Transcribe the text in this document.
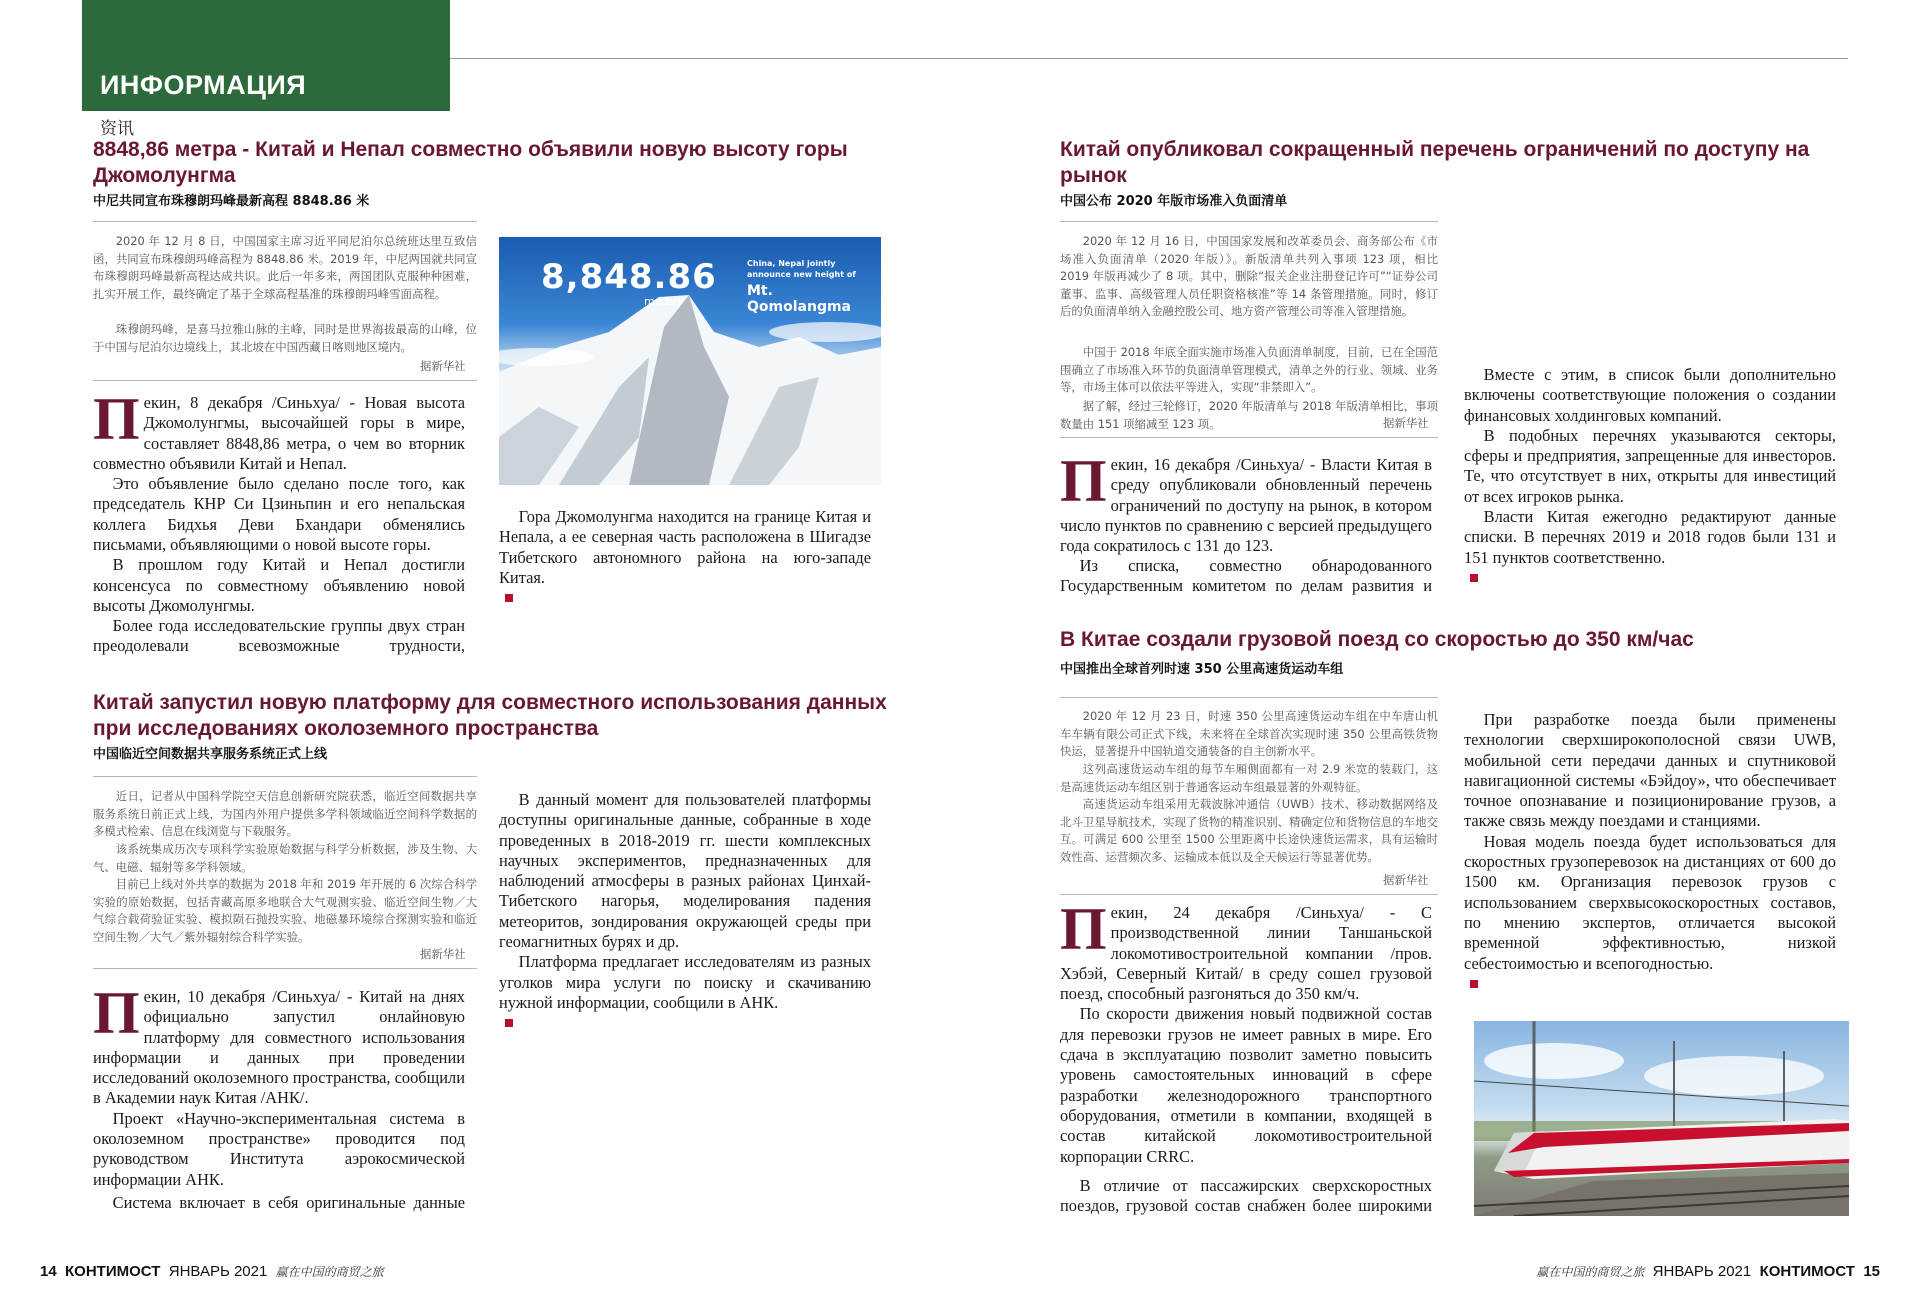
ИНФОРМАЦИЯ
资讯
8848,86 метра - Китай и Непал совместно объявили новую высоту горы Джомолунгма
中尼共同宣布珠穆朗玛峰最新高程 8848.86 米
2020 年 12 月 8 日，中国国家主席习近平同尼泊尔总统班达里互致信函，共同宣布珠穆朗玛峰高程为 8848.86 米。2019 年，中尼两国就共同宣布珠穆朗玛峰最新高程达成共识。此后一年多来，两国团队克服种种困难，扎实开展工作，最终确定了基于全球高程基准的珠穆朗玛峰雪面高程。
珠穆朗玛峰，是喜马拉雅山脉的主峰，同时是世界海拔最高的山峰，位于中国与尼泊尔边境线上，其北坡在中国西藏日喀则地区境内。
据新华社

Пекин, 8 декабря /Синьхуа/ - Новая высота Джомолунгмы, высочайшей горы в мире, составляет 8848,86 метра, о чем во вторник совместно объявили Китай и Непал.

Это объявление было сделано после того, как председатель КНР Си Цзиньпин и его непальская коллега Бидхья Деви Бхандари обменялись письмами, объявляющими о новой высоте горы.

В прошлом году Китай и Непал достигли консенсуса по совместному объявлению новой высоты Джомолунгмы.

Более года исследовательские группы двух стран преодолевали всевозможные трудности,

Гора Джомолунгма находится на границе Китая и Непала, а ее северная часть расположена в Шигадзе Тибетского автономного района на юго-западе Китая.

8,848.86
meters
China, Nepal jointly
announce new height of
Mt. Qomolangma
Китай запустил новую платформу для совместного использования данных при исследованиях околоземного пространства
中国临近空间数据共享服务系统正式上线
近日，记者从中国科学院空天信息创新研究院获悉，临近空间数据共享服务系统日前正式上线，为国内外用户提供多学科领域临近空间科学数据的多模式检索、信息在线浏览与下载服务。
该系统集成历次专项科学实验原始数据与科学分析数据，涉及生物、大气、电磁、辐射等多学科领域。
目前已上线对外共享的数据为 2018 年和 2019 年开展的 6 次综合科学实验的原始数据，包括青藏高原多地联合大气观测实验、临近空间生物／大气综合载荷验证实验、模拟陨石抛投实验、地磁暴环境综合探测实验和临近空间生物／大气／紫外辐射综合科学实验。
据新华社

Пекин, 10 декабря /Синьхуа/ - Китай на днях официально запустил онлайновую платформу для совместного использования информации и данных при проведении исследований околоземного пространства, сообщили в Академии наук Китая /АНК/.

Проект «Научно-экспериментальная система в околоземном пространстве» проводится под руководством Института аэрокосмической информации АНК.

Система включает в себя оригинальные данные

В данный момент для пользователей платформы доступны оригинальные данные, собранные в ходе проведенных в 2018-2019 гг. шести комплексных научных экспериментов, предназначенных для наблюдений атмосферы в разных районах Цинхай-Тибетского нагорья, моделирования падения метеоритов, зондирования окружающей среды при геомагнитных бурях и др.

Платформа предлагает исследователям из разных уголков мира услуги по поиску и скачиванию нужной информации, сообщили в АНК.

Китай опубликовал сокращенный перечень ограничений по доступу на рынок
中国公布 2020 年版市场准入负面清单
2020 年 12 月 16 日，中国国家发展和改革委员会、商务部公布《市场准入负面清单（2020 年版）》。新版清单共列入事项 123 项，相比 2019 年版再减少了 8 项。其中，删除“报关企业注册登记许可”“证券公司董事、监事、高级管理人员任职资格核准”等 14 条管理措施。同时，修订后的负面清单纳入金融控股公司、地方资产管理公司等准入管理措施。
中国于 2018 年底全面实施市场准入负面清单制度，目前，已在全国范围确立了市场准入环节的负面清单管理模式，清单之外的行业、领域、业务等，市场主体可以依法平等进入，实现“非禁即入”。
据了解，经过三轮修订，2020 年版清单与 2018 年版清单相比，事项数量由 151 项缩减至 123 项。	据新华社

Пекин, 16 декабря /Синьхуа/ - Власти Китая в среду опубликовали обновленный перечень ограничений по доступу на рынок, в котором число пунктов по сравнению с версией предыдущего года сократилось с 131 до 123.

Из списка, совместно обнародованного Государственным комитетом по делам развития и

Вместе с этим, в список были дополнительно включены соответствующие положения о создании финансовых холдинговых компаний.

В подобных перечнях указываются секторы, сферы и предприятия, запрещенные для инвесторов. Те, что отсутствует в них, открыты для инвестиций от всех игроков рынка.

Власти Китая ежегодно редактируют данные списки. В перечнях 2019 и 2018 годов были 131 и 151 пунктов соответственно.

В Китае создали грузовой поезд со скоростью до 350 км/час
中国推出全球首列时速 350 公里高速货运动车组
2020 年 12 月 23 日，时速 350 公里高速货运动车组在中车唐山机车车辆有限公司正式下线，未来将在全球首次实现时速 350 公里高铁货物快运，显著提升中国轨道交通装备的自主创新水平。
这列高速货运动车组的每节车厢侧面都有一对 2.9 米宽的装载门，这是高速货运动车组区别于普通客运动车组最显著的外观特征。
高速货运动车组采用无载波脉冲通信（UWB）技术、移动数据网络及北斗卫星导航技术，实现了货物的精准识别、精确定位和货物信息的车地交互。可满足 600 公里至 1500 公里距离中长途快速货运需求，具有运输时效性高、运营频次多、运输成本低以及全天候运行等显著优势。
据新华社

Пекин, 24 декабря /Синьхуа/ - С производственной линии Таншаньской локомотивостроительной компании /пров. Хэбэй, Северный Китай/ в среду сошел грузовой поезд, способный разгоняться до 350 км/ч.

По скорости движения новый подвижной состав для перевозки грузов не имеет равных в мире. Его сдача в эксплуатацию позволит заметно повысить уровень самостоятельных инноваций в сфере разработки железнодорожного транспортного оборудования, отметили в компании, входящей в состав китайской локомотивостроительной корпорации CRRC.

В отличие от пассажирских сверхскоростных поездов, грузовой состав снабжен более широкими

При разработке поезда были применены технологии сверхширокополосной связи UWB, мобильной сети передачи данных и спутниковой навигационной системы «Бэйдоу», что обеспечивает точное опознавание и позиционирование грузов, а также связь между поездами и станциями.

Новая модель поезда будет использоваться для скоростных грузоперевозок на дистанциях от 600 до 1500 км. Организация перевозок грузов с использованием сверхвысокоскоростных составов, по мнению экспертов, отличается высокой временной эффективностью, низкой себестоимостью и всепогодностью.

14 КОНТИМОСТ ЯНВАРЬ 2021 赢在中国的商贸之旅	赢在中国的商贸之旅 ЯНВАРЬ 2021 КОНТИМОСТ 15
